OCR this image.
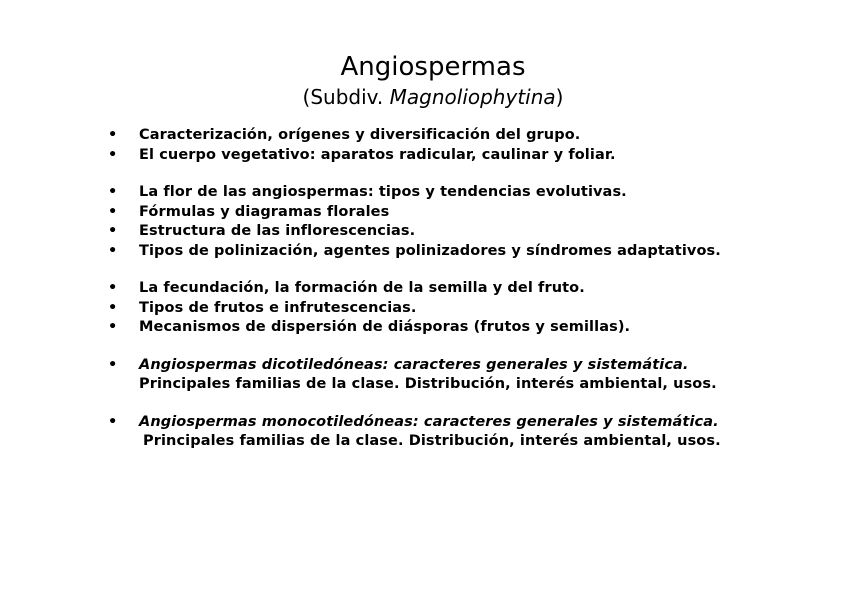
Angiospermas
(Subdiv. Magnoliophytina)
•	Caracterización, orígenes y diversificación del grupo.
•	El cuerpo vegetativo: aparatos radicular, caulinar y foliar.
•	La flor de las angiospermas: tipos y tendencias evolutivas.
•	Fórmulas y diagramas florales
•	Estructura de las inflorescencias.
•	Tipos de polinización, agentes polinizadores y síndromes adaptativos.
•	La fecundación, la formación de la semilla y del fruto.
•	Tipos de frutos e infrutescencias.
•	Mecanismos de dispersión de diásporas (frutos y semillas).
•	Angiospermas dicotiledóneas: caracteres generales y sistemática.
Principales familias de la clase. Distribución, interés ambiental, usos.
•	Angiospermas monocotiledóneas: caracteres generales y sistemática.
Principales familias de la clase. Distribución, interés ambiental, usos.
